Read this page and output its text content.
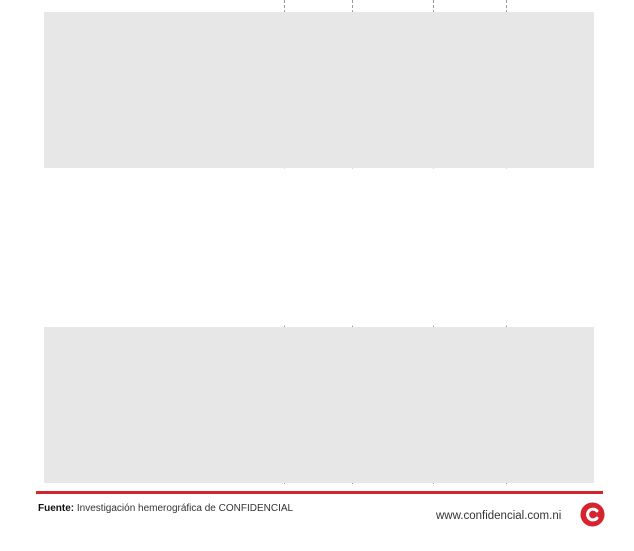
Fuente: Investigación hemerográfica de CONFIDENCIAL
www.confidencial.com.ni
